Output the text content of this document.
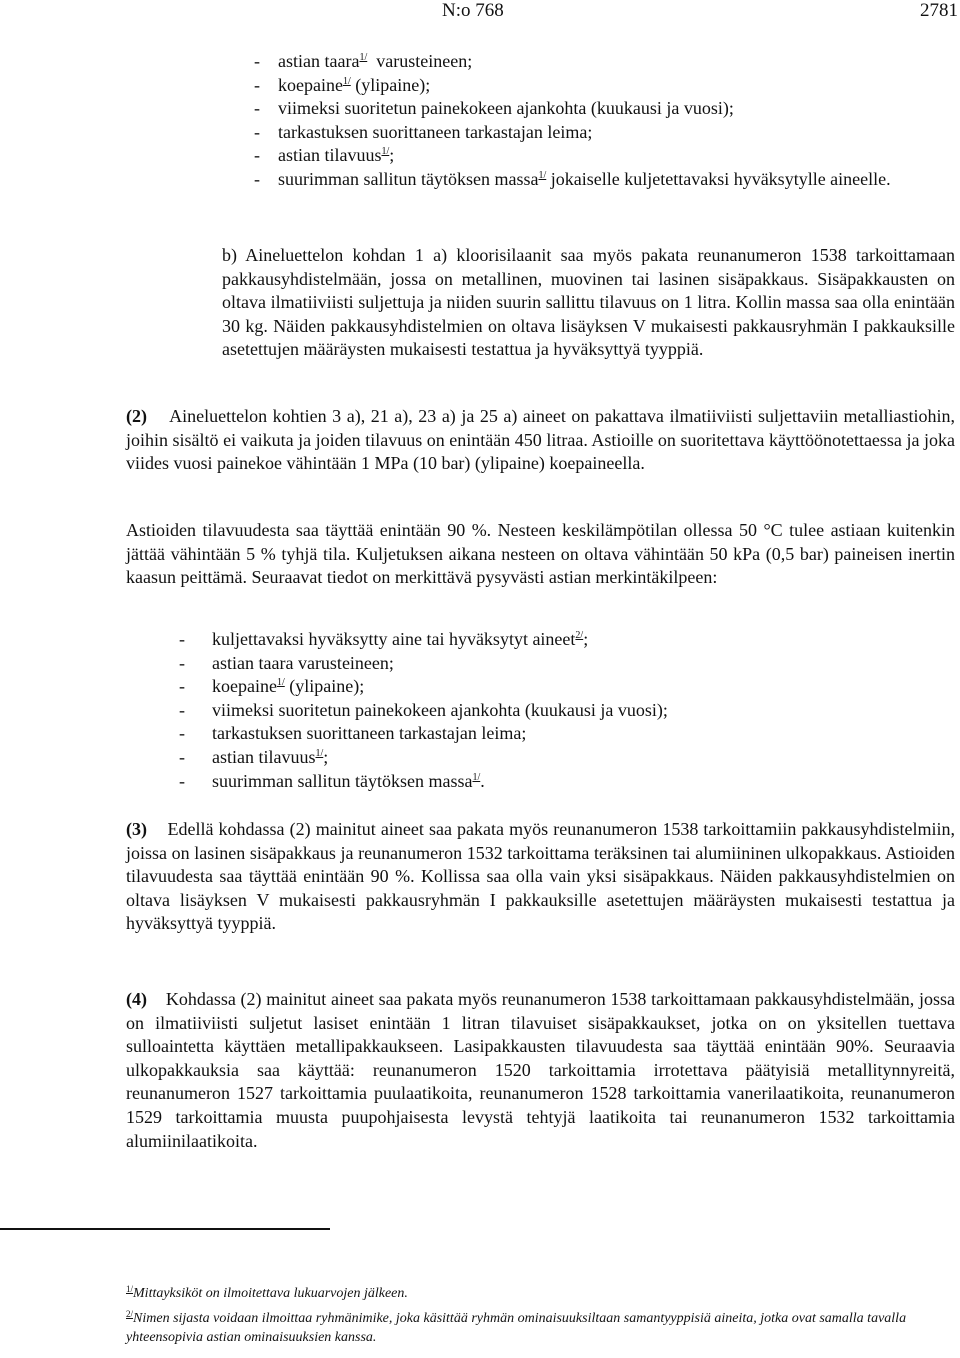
N:o 768	2781
- astian taara$^{1/}$  varusteineen;
- koepaine$^{1/}$ (ylipaine);
- viimeksi suoritetun painekokeen ajankohta (kuukausi ja vuosi);
- tarkastuksen suorittaneen tarkastajan leima;
- astian tilavuus$^{1/}$;
- suurimman sallitun täytöksen massa$^{1/}$ jokaiselle kuljetettavaksi hyväksytylle aineelle.

b) Aineluettelon kohdan 1 a) kloorisilaanit saa myös pakata reunanumeron 1538 tarkoittamaan pakkausyhdistelmään, jossa on metallinen, muovinen tai lasinen sisäpakkaus. Sisäpakkausten on oltava ilmatiiviisti suljettuja ja niiden suurin sallittu tilavuus on 1 litra. Kollin massa saa olla enintään 30 kg. Näiden pakkausyhdistelmien on oltava lisäyksen V mukaisesti pakkausryhmän I pakkauksille asetettujen määräysten mukaisesti testattua ja hyväksyttyä tyyppiä.

(2) Aineluettelon kohtien 3 a), 21 a), 23 a) ja 25 a) aineet on pakattava ilmatiiviisti suljettaviin metalliastiohin, joihin sisältö ei vaikuta ja joiden tilavuus on enintään 450 litraa. Astioille on suoritettava käyttöönotettaessa ja joka viides vuosi painekoe vähintään 1 MPa (10 bar) (ylipaine) koepaineella.

Astioiden tilavuudesta saa täyttää enintään 90 %. Nesteen keskilämpötilan ollessa 50 °C tulee astiaan kuitenkin jättää vähintään 5 % tyhjä tila. Kuljetuksen aikana nesteen on oltava vähintään 50 kPa (0,5 bar) paineisen inertin kaasun peittämä. Seuraavat tiedot on merkittävä pysyvästi astian merkintäkilpeen:

- kuljettavaksi hyväksytty aine tai hyväksytyt aineet$^{2/}$;
- astian taara varusteineen;
- koepaine$^{1/}$ (ylipaine);
- viimeksi suoritetun painekokeen ajankohta (kuukausi ja vuosi);
- tarkastuksen suorittaneen tarkastajan leima;
- astian tilavuus$^{1/}$;
- suurimman sallitun täytöksen massa$^{1/}$.

(3) Edellä kohdassa (2) mainitut aineet saa pakata myös reunanumeron 1538 tarkoittamiin pakkausyhdistelmiin, joissa on lasinen sisäpakkaus ja reunanumeron 1532 tarkoittama teräksinen tai alumiininen ulkopakkaus. Astioiden tilavuudesta saa täyttää enintään 90 %. Kollissa saa olla vain yksi sisäpakkaus. Näiden pakkausyhdistelmien on oltava lisäyksen V mukaisesti pakkausryhmän I pakkauksille asetettujen määräysten mukaisesti testattua ja hyväksyttyä tyyppiä.

(4) Kohdassa (2) mainitut aineet saa pakata myös reunanumeron 1538 tarkoittamaan pakkausyhdistelmään, jossa on ilmatiiviisti suljetut lasiset enintään 1 litran tilavuiset sisäpakkaukset, jotka on on yksitellen tuettava sulloaintetta käyttäen metallipakkaukseen. Lasipakkausten tilavuudesta saa täyttää enintään 90%. Seuraavia ulkopakkauksia saa käyttää: reunanumeron 1520 tarkoittamia irrotettava päätyisiä metallitynnyreitä, reunanumeron 1527 tarkoittamia puulaatikoita, reunanumeron 1528 tarkoittamia vanerilaatikoita, reunanumeron 1529 tarkoittamia muusta puupohjaisesta levystä tehtyjä laatikoita tai reunanumeron 1532 tarkoittamia alumiinilaatikoita.

$^{1/}$Mittayksiköt on ilmoitettava lukuarvojen jälkeen.

$^{2/}$Nimen sijasta voidaan ilmoittaa ryhmänimike, joka käsittää ryhmän ominaisuuksiltaan samantyyppisiä aineita, jotka ovat samalla tavalla yhteensopivia astian ominaisuuksien kanssa.
